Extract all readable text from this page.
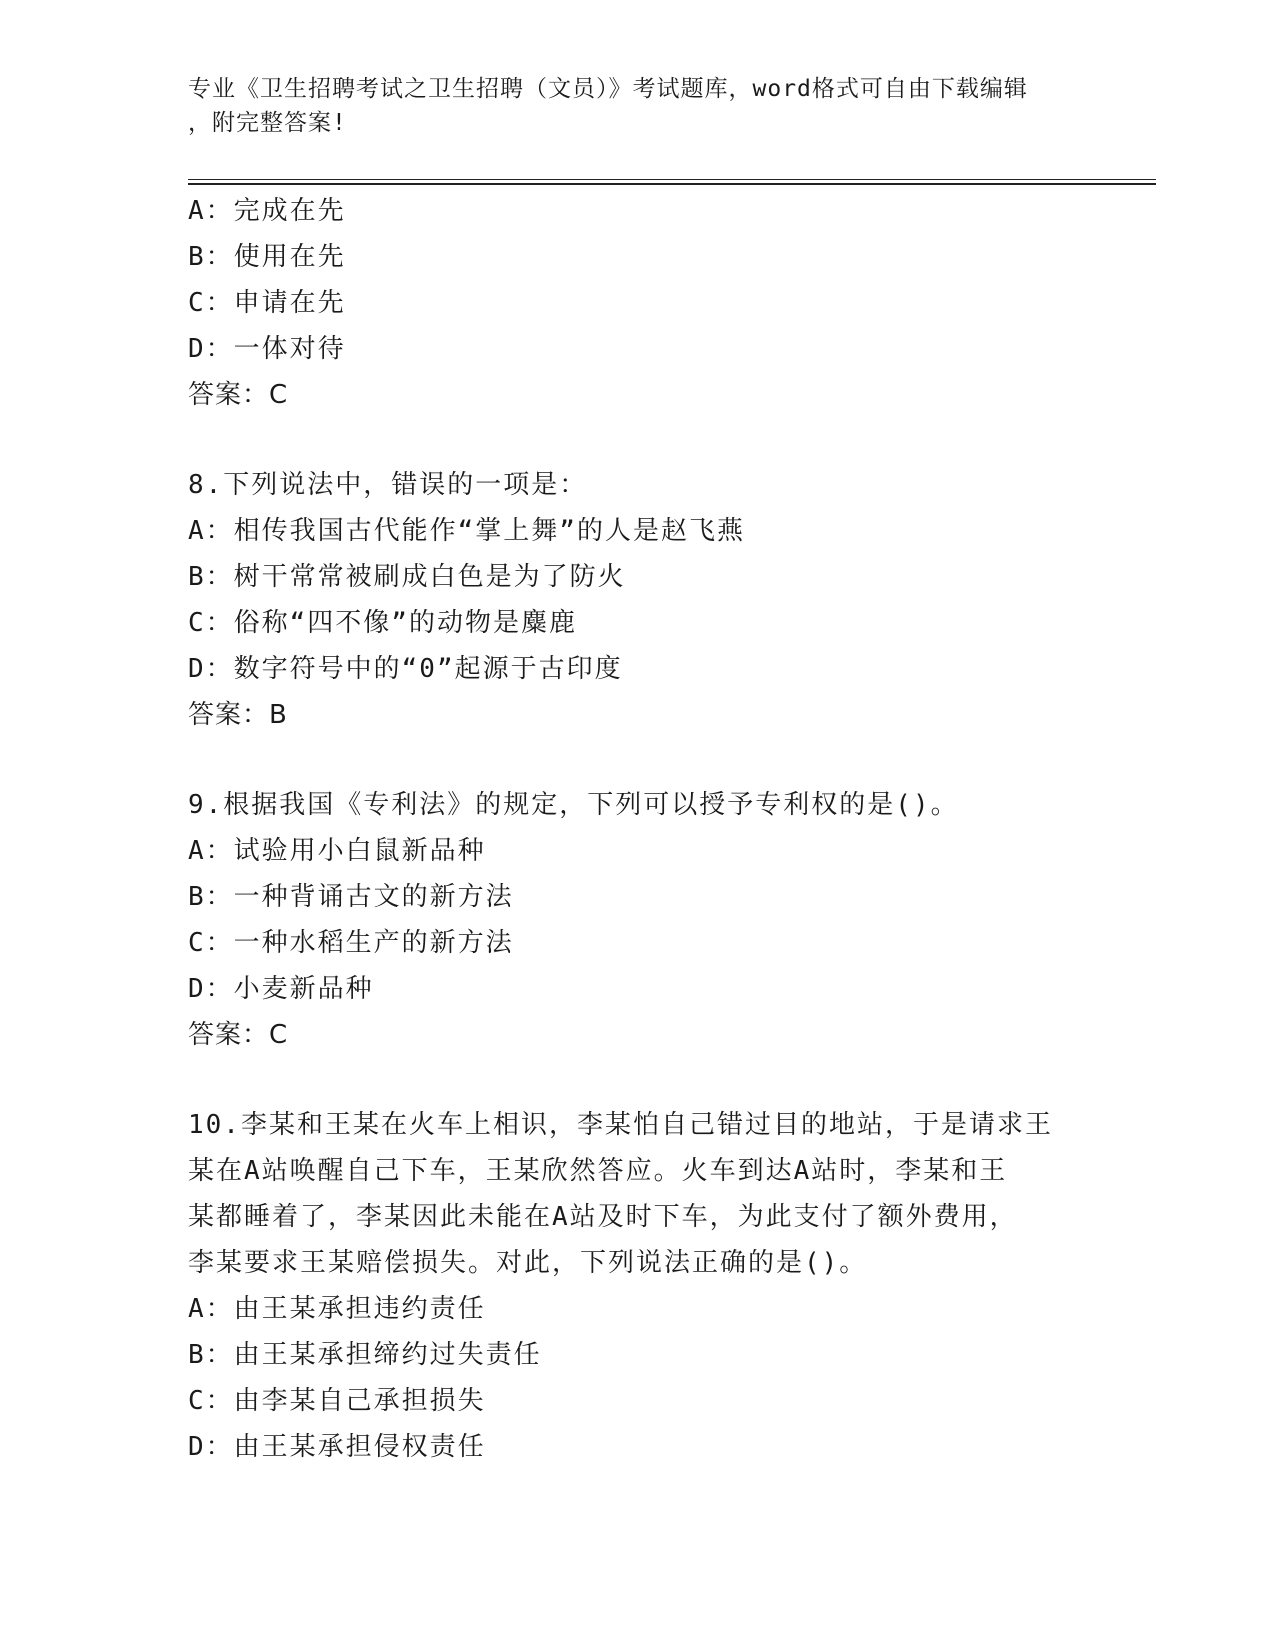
专业《卫生招聘考试之卫生招聘（文员）》考试题库，word格式可自由下载编辑
，附完整答案!
A：完成在先
B：使用在先
C：申请在先
D：一体对待
答案：C
8.下列说法中，错误的一项是：
A：相传我国古代能作“掌上舞”的人是赵飞燕
B：树干常常被刷成白色是为了防火
C：俗称“四不像”的动物是麋鹿
D：数字符号中的“0”起源于古印度
答案：B
9.根据我国《专利法》的规定，下列可以授予专利权的是()。
A：试验用小白鼠新品种
B：一种背诵古文的新方法
C：一种水稻生产的新方法
D：小麦新品种
答案：C
10.李某和王某在火车上相识，李某怕自己错过目的地站，于是请求王
某在A站唤醒自己下车，王某欣然答应。火车到达A站时，李某和王
某都睡着了，李某因此未能在A站及时下车，为此支付了额外费用，
李某要求王某赔偿损失。对此，下列说法正确的是()。
A：由王某承担违约责任
B：由王某承担缔约过失责任
C：由李某自己承担损失
D：由王某承担侵权责任
